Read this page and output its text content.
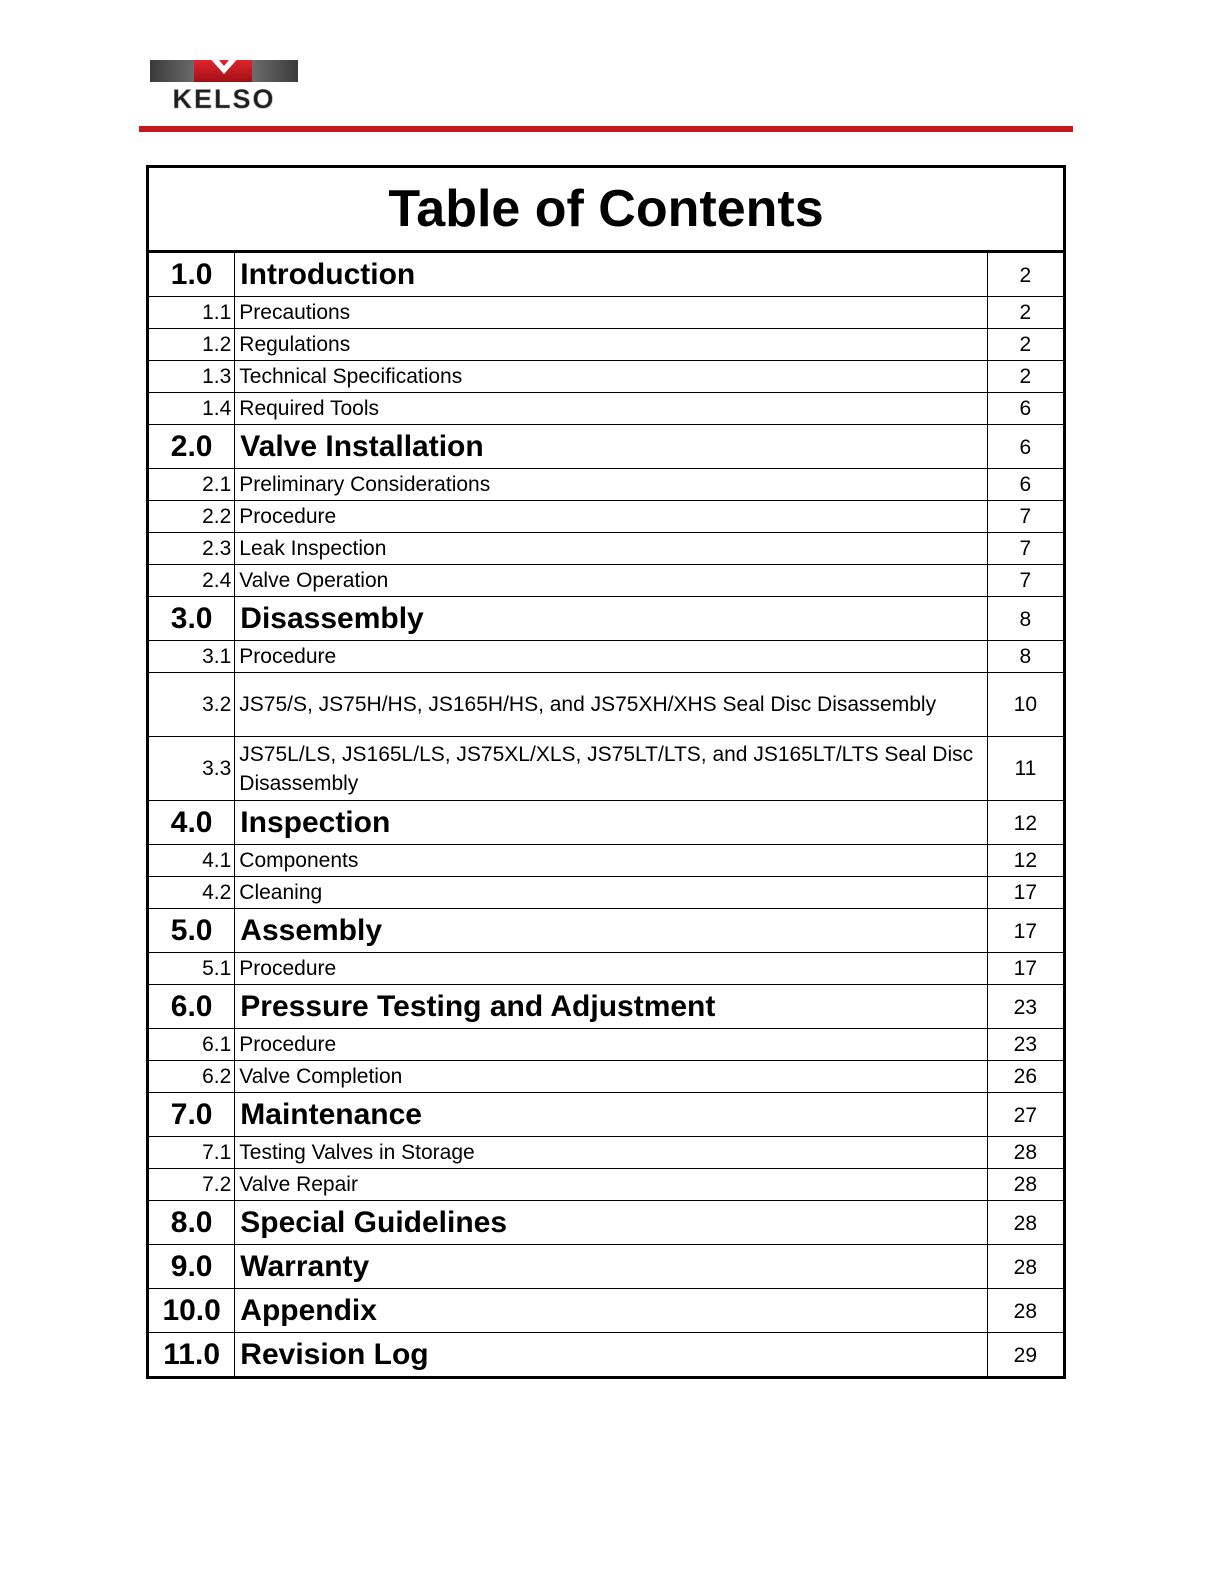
KELSO
Table of Contents		
1.0	Introduction	2
1.1	Precautions	2
1.2	Regulations	2
1.3	Technical Specifications	2
1.4	Required Tools	6
2.0	Valve Installation	6
2.1	Preliminary Considerations	6
2.2	Procedure	7
2.3	Leak Inspection	7
2.4	Valve Operation	7
3.0	Disassembly	8
3.1	Procedure	8
3.2	JS75/S, JS75H/HS, JS165H/HS, and JS75XH/XHS Seal Disc Disassembly	10
3.3	JS75L/LS, JS165L/LS, JS75XL/XLS, JS75LT/LTS, and JS165LT/LTS Seal Disc Disassembly	11
4.0	Inspection	12
4.1	Components	12
4.2	Cleaning	17
5.0	Assembly	17
5.1	Procedure	17
6.0	Pressure Testing and Adjustment	23
6.1	Procedure	23
6.2	Valve Completion	26
7.0	Maintenance	27
7.1	Testing Valves in Storage	28
7.2	Valve Repair	28
8.0	Special Guidelines	28
9.0	Warranty	28
10.0	Appendix	28
11.0	Revision Log	29
